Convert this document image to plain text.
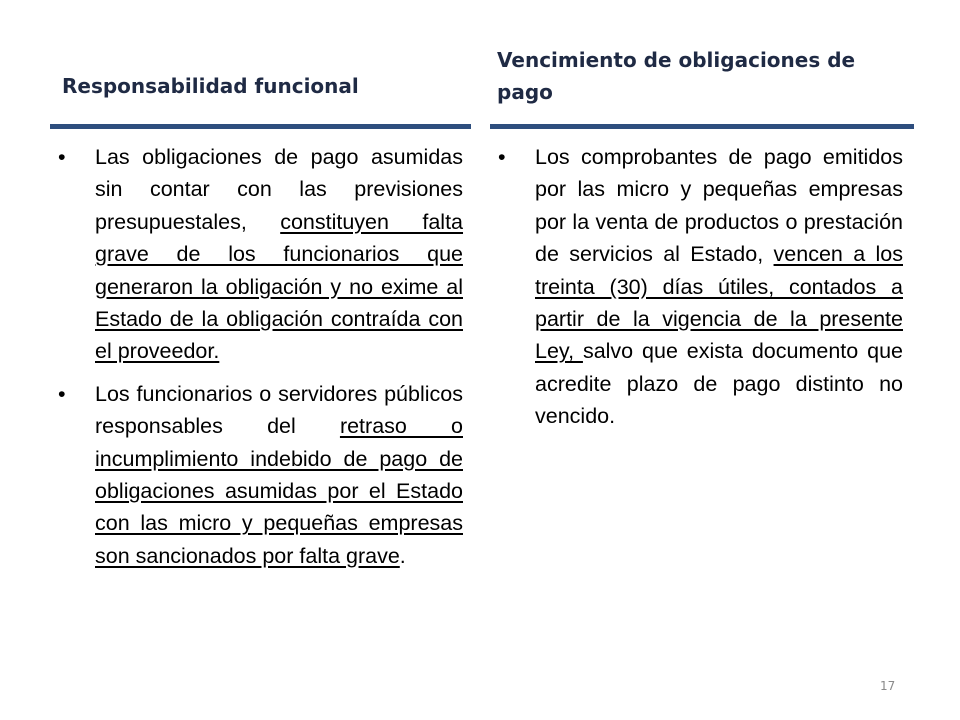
Responsabilidad funcional
Vencimiento de obligaciones de pago
• Las obligaciones de pago asumidas sin contar con las previsiones presupuestales, constituyen falta grave de los funcionarios que generaron la obligación y no exime al Estado de la obligación contraída con el proveedor.
• Los funcionarios o servidores públicos responsables del retraso o incumplimiento indebido de pago de obligaciones asumidas por el Estado con las micro y pequeñas empresas son sancionados por falta grave.
• Los comprobantes de pago emitidos por las micro y pequeñas empresas por la venta de productos o prestación de servicios al Estado, vencen a los treinta (30) días útiles, contados a partir de la vigencia de la presente Ley, salvo que exista documento que acredite plazo de pago distinto no vencido.
17
